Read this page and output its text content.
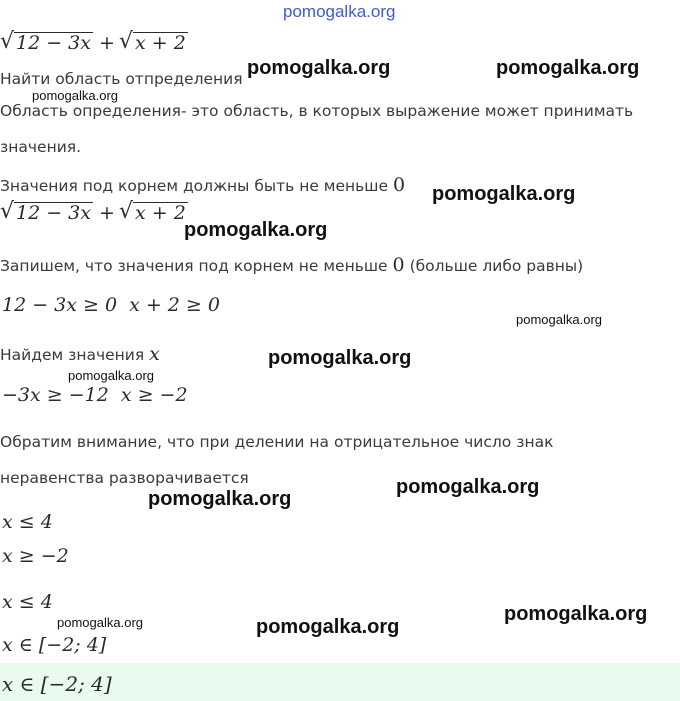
pomogalka.org
√ 12 − 3x + √ x + 2
Найти область отпределения pomogalka.org	pomogalka.org
pomogalka.org
Область определения- это область, в которых выражение может принимать
значения.
Значения под корнем должны быть не меньше 0 pomogalka.org
√ 12 − 3x + √ x + 2
pomogalka.org
Запишем, что значения под корнем не меньше 0 (больше либо равны)
12 − 3x ≥ 0 x + 2 ≥ 0
pomogalka.org
Найдем значения x	pomogalka.org
pomogalka.org
−3x ≥ −12 x ≥ −2
Обратим внимание, что при делении на отрицательное число знак
неравенства разворачивается
pomogalka.org
pomogalka.org
x ≤ 4
x ≥ −2
x ≤ 4
pomogalka.org
pomogalka.org	pomogalka.org
x ∈ [−2; 4]
x ∈ [−2; 4]
